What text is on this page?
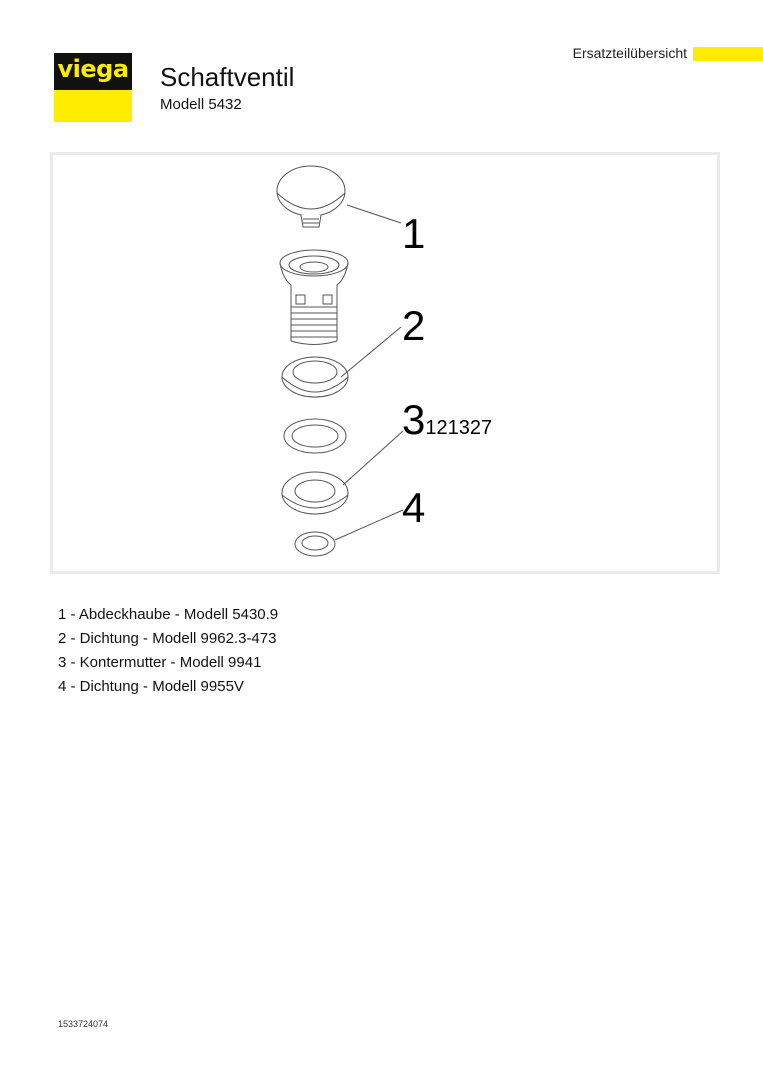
viega Schaftventil
Modell 5432
Ersatzteilübersicht
1
2
3121327
4
1 - Abdeckhaube - Modell 5430.9
2 - Dichtung - Modell 9962.3-473
3 - Kontermutter - Modell 9941
4 - Dichtung - Modell 9955V
1533724074
